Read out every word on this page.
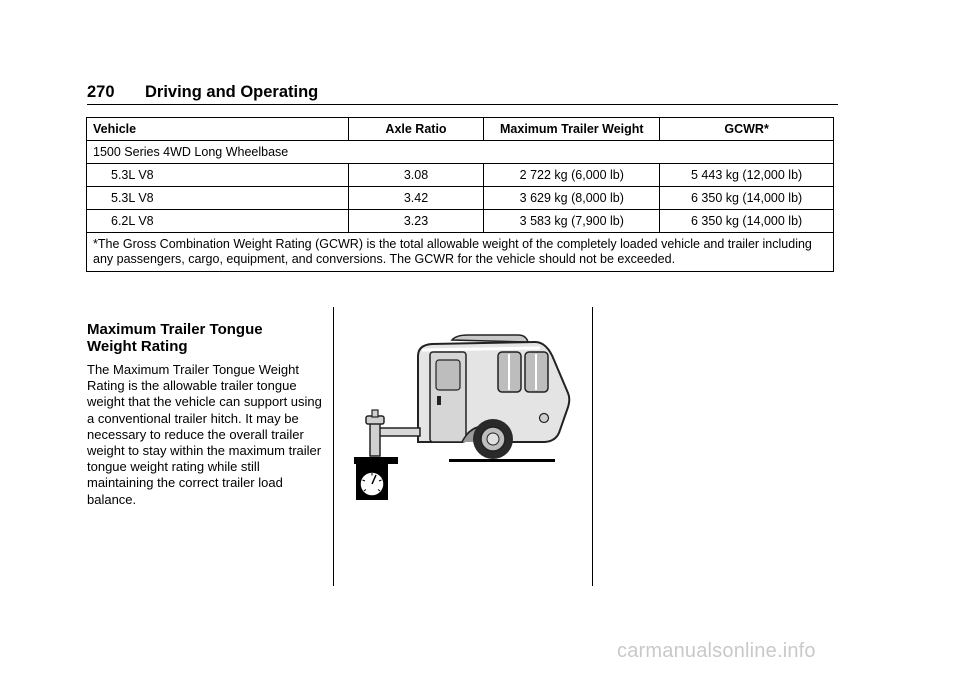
270 Driving and Operating
Vehicle	Axle Ratio	Maximum Trailer Weight	GCWR*
1500 Series 4WD Long Wheelbase			
5.3L V8	3.08	2 722 kg (6,000 lb)	5 443 kg (12,000 lb)
5.3L V8	3.42	3 629 kg (8,000 lb)	6 350 kg (14,000 lb)
6.2L V8	3.23	3 583 kg (7,900 lb)	6 350 kg (14,000 lb)
*The Gross Combination Weight Rating (GCWR) is the total allowable weight of the completely loaded vehicle and trailer including any passengers, cargo, equipment, and conversions. The GCWR for the vehicle should not be exceeded.			
Maximum Trailer Tongue
Weight Rating

The Maximum Trailer Tongue Weight Rating is the allowable trailer tongue weight that the vehicle can support using a conventional trailer hitch. It may be necessary to reduce the overall trailer weight to stay within the maximum trailer tongue weight rating while still maintaining the correct trailer load balance.

carmanualsonline.info
